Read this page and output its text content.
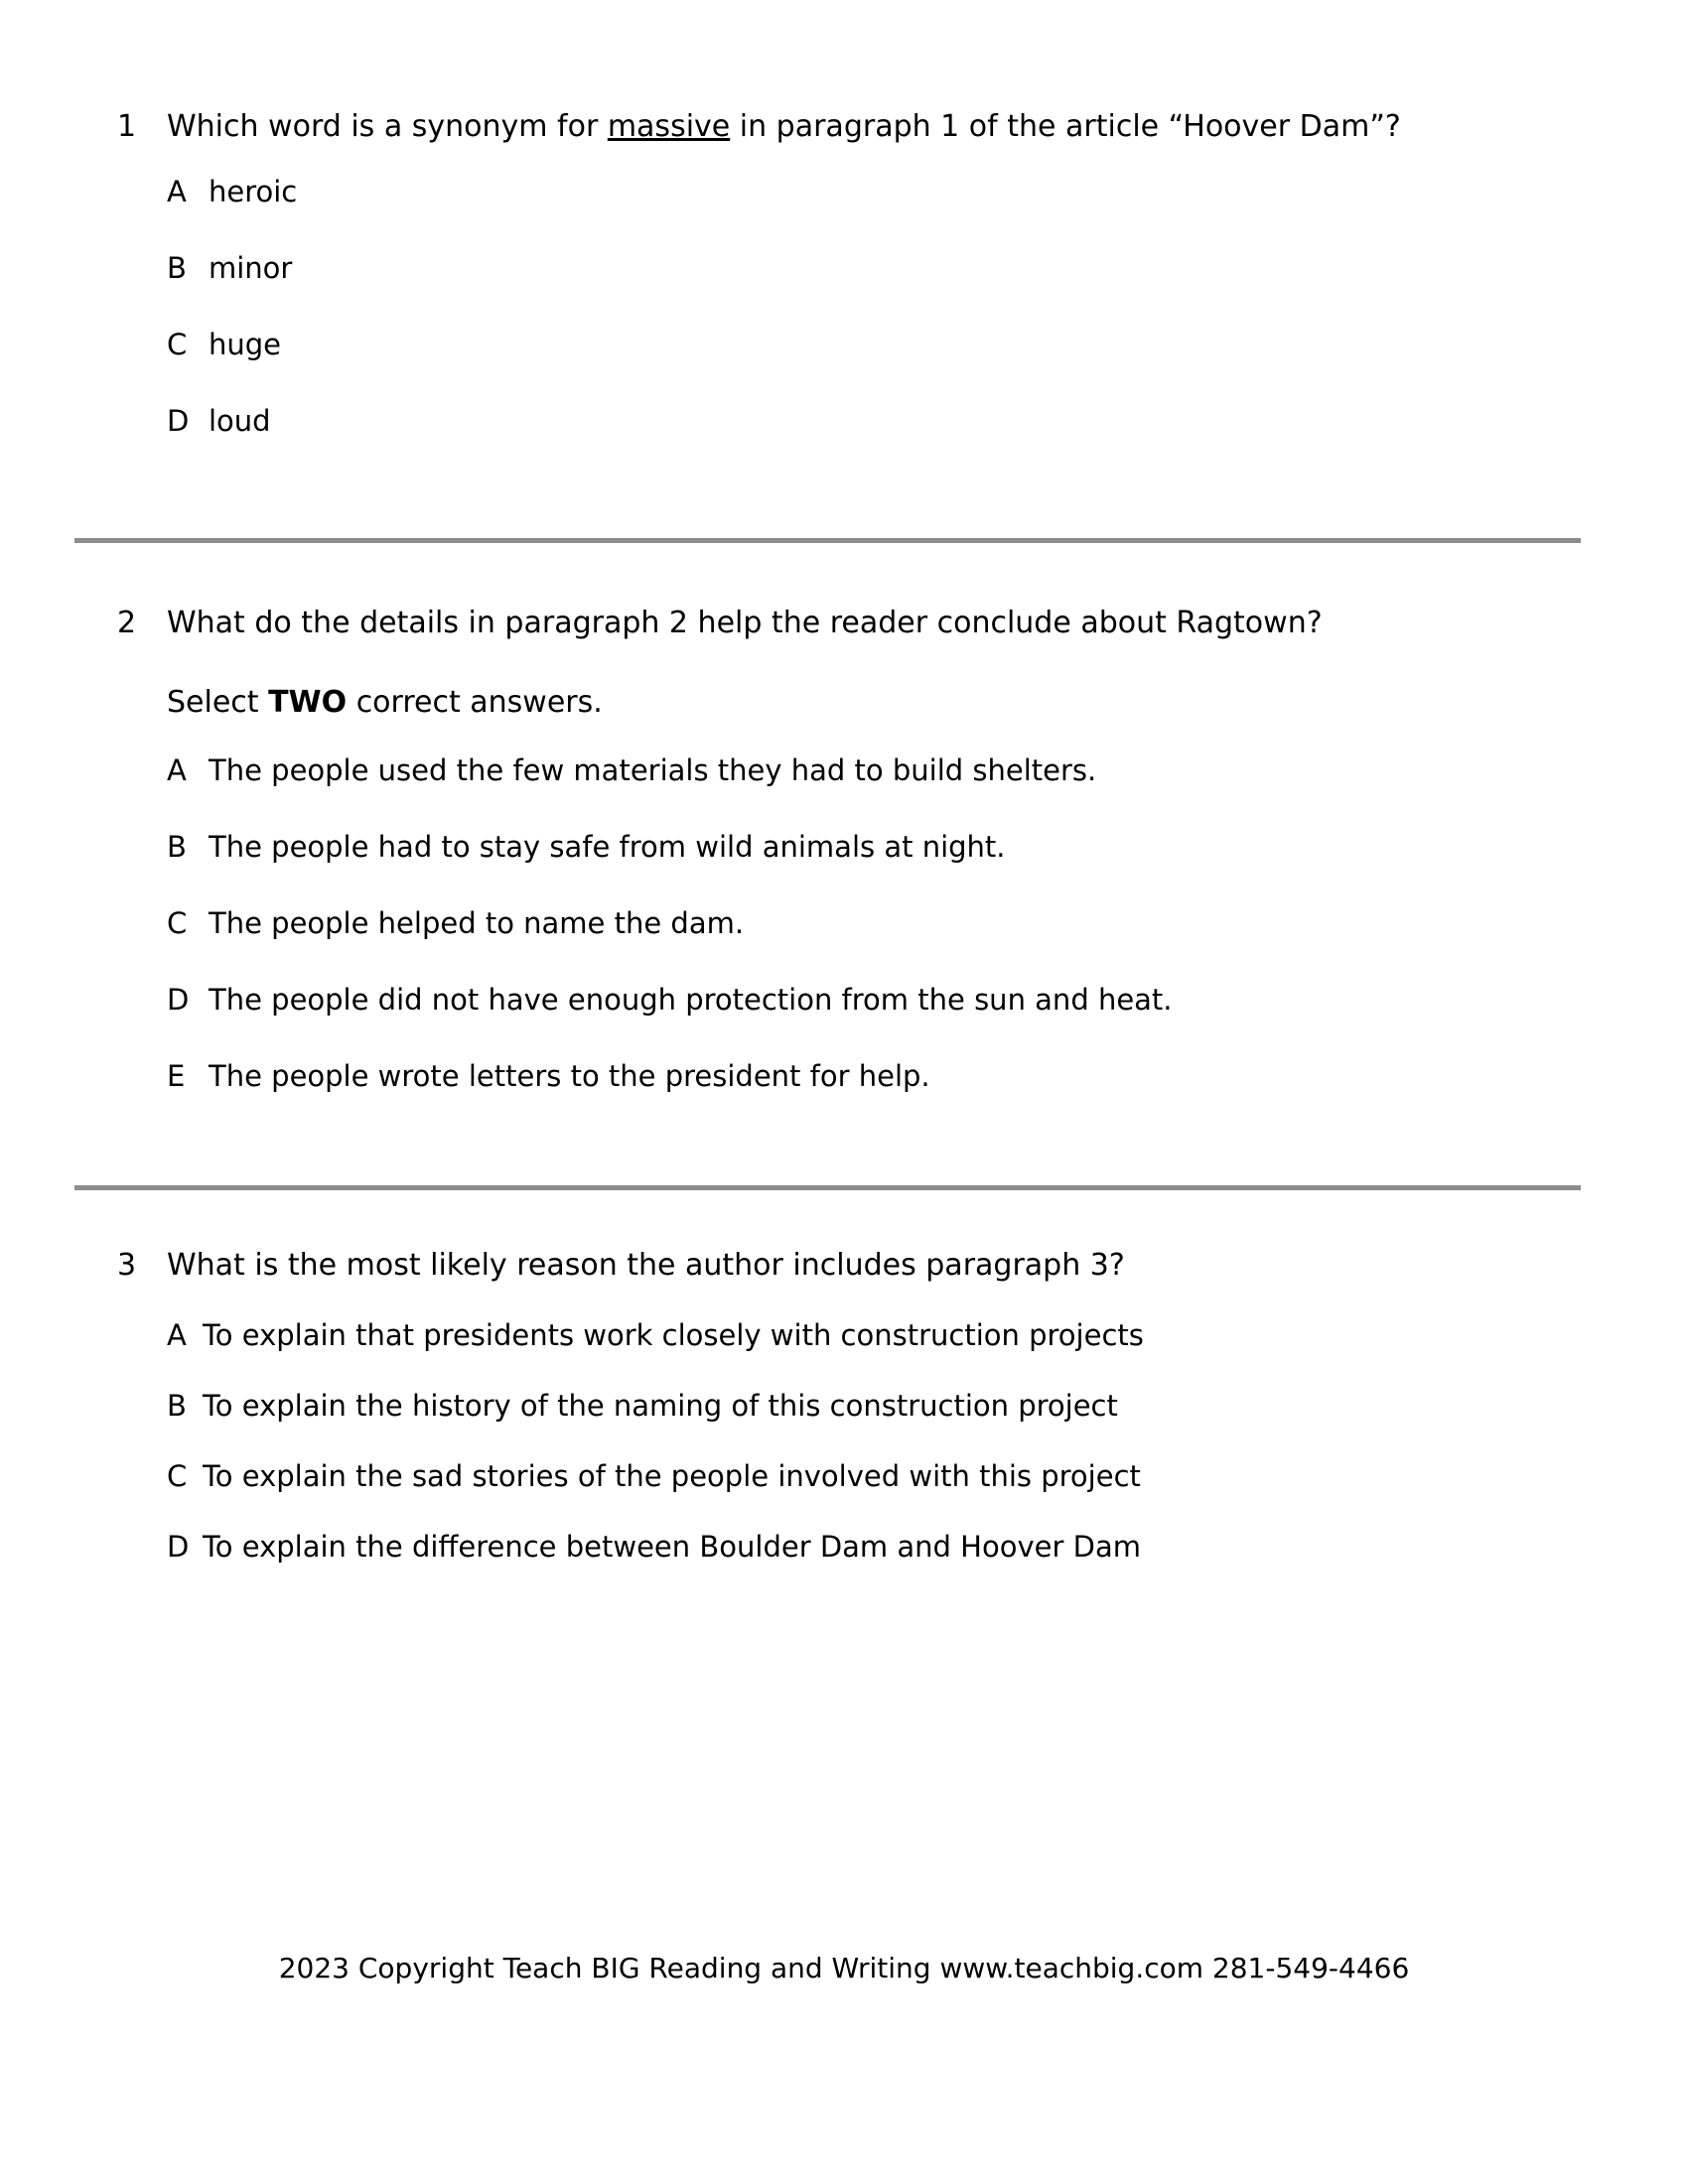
1	Which word is a synonym for massive in paragraph 1 of the article “Hoover Dam”?
A heroic
B minor
C huge
D loud
2	What do the details in paragraph 2 help the reader conclude about Ragtown?
Select TWO correct answers.
A The people used the few materials they had to build shelters.
B The people had to stay safe from wild animals at night.
C The people helped to name the dam.
D The people did not have enough protection from the sun and heat.
E The people wrote letters to the president for help.
3	What is the most likely reason the author includes paragraph 3?
A To explain that presidents work closely with construction projects
B To explain the history of the naming of this construction project
C To explain the sad stories of the people involved with this project
D To explain the difference between Boulder Dam and Hoover Dam
2023 Copyright Teach BIG Reading and Writing www.teachbig.com 281-549-4466
